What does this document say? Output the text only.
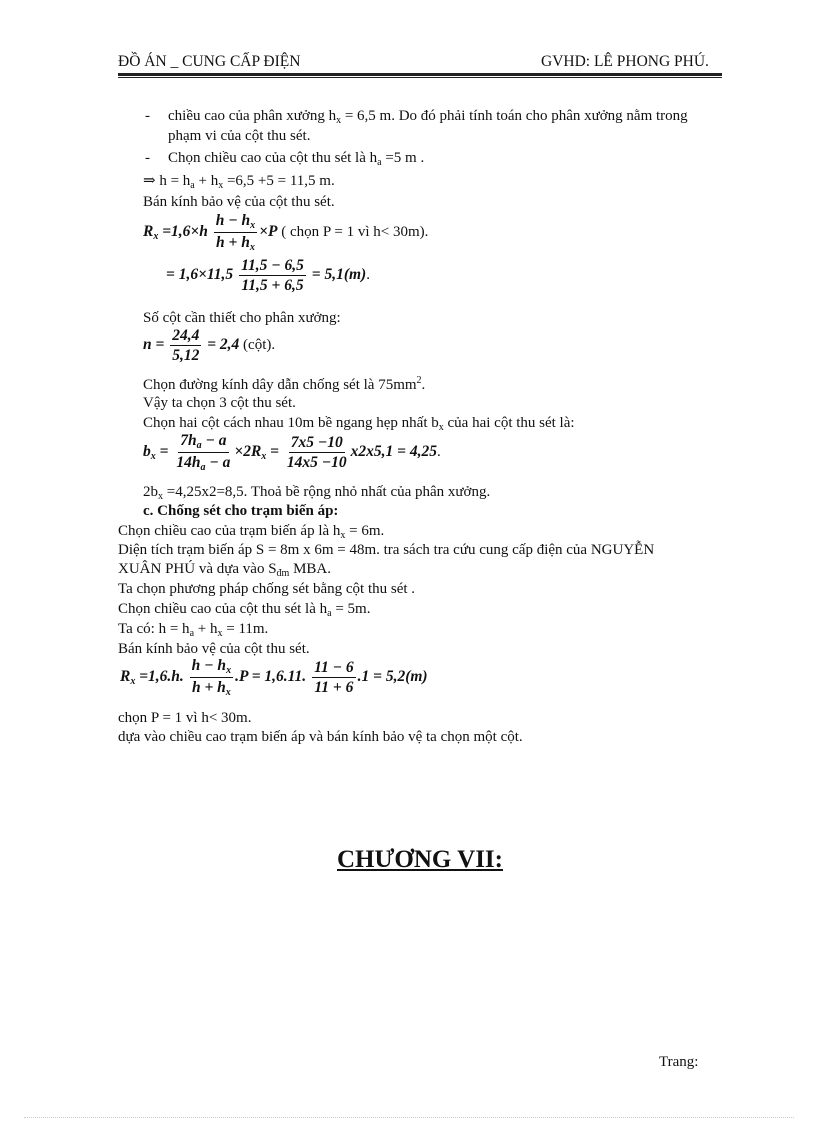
ĐỒ ÁN _ CUNG CẤP ĐIỆN	GVHD: LÊ PHONG PHÚ.
- chiều cao của phân xưởng $h_x = 6,5$ m. Do đó phải tính toán cho phân xưởng nằm trong
phạm vi của cột thu sét.
- Chọn chiều cao của cột thu sét là $h_a =5$ m .
⇒ $h = h_a + h_x =6,5 +5 = 11,5$ m.
Bán kính bảo vệ của cột thu sét.
$R_x =1,6\times h \frac{h - h_x}{h + h_x} \times P$ ( chọn P = 1 vì h< 30m).
= $1,6\times 11,5 \frac{11,5 - 6,5}{11,5 + 6,5} = 5,1(m)$.
Số cột cần thiết cho phân xưởng:
$n = \frac{24,4}{5,12} = 2,4$ (cột).
Chọn đường kính dây dẫn chống sét là $75mm^2$.
Vậy ta chọn 3 cột thu sét.
Chọn hai cột cách nhau 10m bề ngang hẹp nhất $b_x$ của hai cột thu sét là:
$b_x = \frac{7h_a - a}{14h_a - a} \times 2R_x = \frac{7x5 -10}{14x5 -10} x2x5,1 = 4,25$.
$2b_x =4,25x2=8,5$. Thoả bề rộng nhỏ nhất của phân xưởng.
c. Chống sét cho trạm biến áp:
Chọn chiều cao của trạm biến áp là $h_x = 6m$.
Diện tích trạm biến áp S = 8m x 6m = 48m. tra sách tra cứu cung cấp điện của NGUYỄN
XUÂN PHÚ và dựa vào $S_{đm}$ MBA.
Ta chọn phương pháp chống sét bằng cột thu sét .
Chọn chiều cao của cột thu sét là $h_a = 5m$.
Ta có: $h = h_a + h_x = 11m$.
Bán kính bảo vệ của cột thu sét.
$R_x =1,6.h$. $\frac{h - h_x}{h + h_x} .P = 1,6.11$. $\frac{11 - 6}{11 + 6} .1 = 5,2(m)$
chọn P = 1 vì h< 30m.
dựa vào chiều cao trạm biến áp và bán kính bảo vệ ta chọn một cột.
CHƯƠNG VII:
Trang:
